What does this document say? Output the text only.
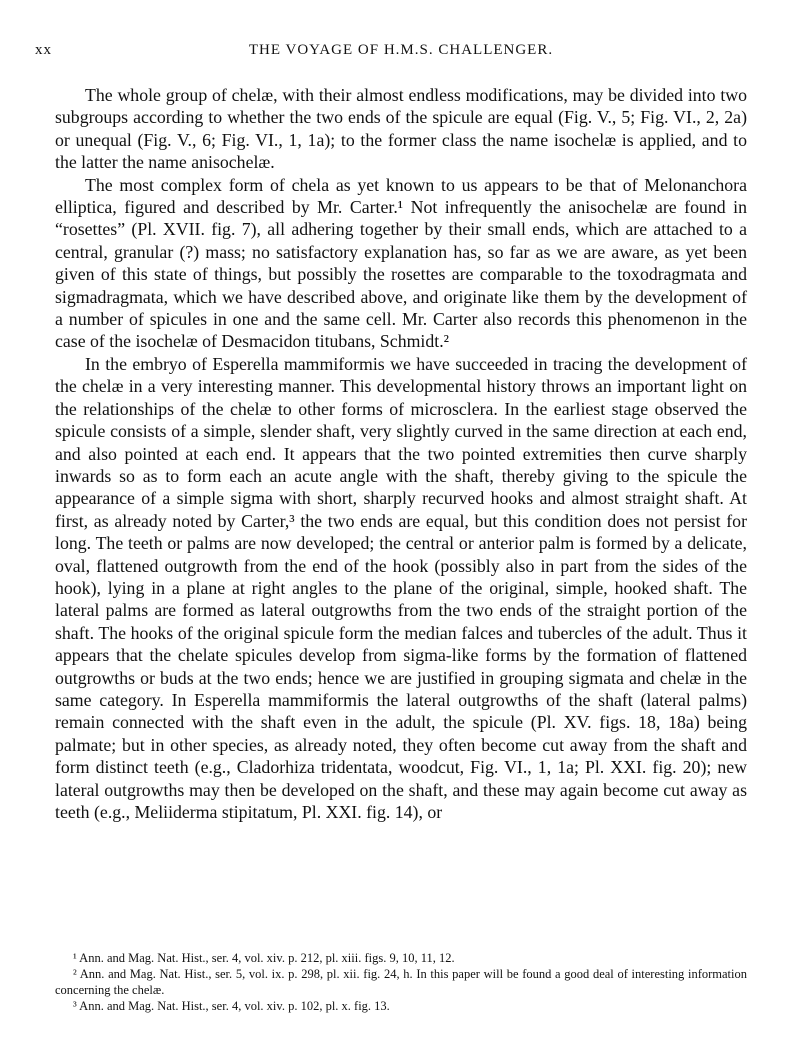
xx	THE VOYAGE OF H.M.S. CHALLENGER.

The whole group of chelæ, with their almost endless modifications, may be divided into two subgroups according to whether the two ends of the spicule are equal (Fig. V., 5; Fig. VI., 2, 2a) or unequal (Fig. V., 6; Fig. VI., 1, 1a); to the former class the name isochelæ is applied, and to the latter the name anisochelæ.

The most complex form of chela as yet known to us appears to be that of Melonanchora elliptica, figured and described by Mr. Carter.¹ Not infrequently the anisochelæ are found in “rosettes” (Pl. XVII. fig. 7), all adhering together by their small ends, which are attached to a central, granular (?) mass; no satisfactory explanation has, so far as we are aware, as yet been given of this state of things, but possibly the rosettes are comparable to the toxodragmata and sigmadragmata, which we have described above, and originate like them by the development of a number of spicules in one and the same cell. Mr. Carter also records this phenomenon in the case of the isochelæ of Desmacidon titubans, Schmidt.²

In the embryo of Esperella mammiformis we have succeeded in tracing the development of the chelæ in a very interesting manner. This developmental history throws an important light on the relationships of the chelæ to other forms of microsclera. In the earliest stage observed the spicule consists of a simple, slender shaft, very slightly curved in the same direction at each end, and also pointed at each end. It appears that the two pointed extremities then curve sharply inwards so as to form each an acute angle with the shaft, thereby giving to the spicule the appearance of a simple sigma with short, sharply recurved hooks and almost straight shaft. At first, as already noted by Carter,³ the two ends are equal, but this condition does not persist for long. The teeth or palms are now developed; the central or anterior palm is formed by a delicate, oval, flattened outgrowth from the end of the hook (possibly also in part from the sides of the hook), lying in a plane at right angles to the plane of the original, simple, hooked shaft. The lateral palms are formed as lateral outgrowths from the two ends of the straight portion of the shaft. The hooks of the original spicule form the median falces and tubercles of the adult. Thus it appears that the chelate spicules develop from sigma-like forms by the formation of flattened outgrowths or buds at the two ends; hence we are justified in grouping sigmata and chelæ in the same category. In Esperella mammiformis the lateral outgrowths of the shaft (lateral palms) remain connected with the shaft even in the adult, the spicule (Pl. XV. figs. 18, 18a) being palmate; but in other species, as already noted, they often become cut away from the shaft and form distinct teeth (e.g., Cladorhiza tridentata, woodcut, Fig. VI., 1, 1a; Pl. XXI. fig. 20); new lateral outgrowths may then be developed on the shaft, and these may again become cut away as teeth (e.g., Meliiderma stipitatum, Pl. XXI. fig. 14), or

¹ Ann. and Mag. Nat. Hist., ser. 4, vol. xiv. p. 212, pl. xiii. figs. 9, 10, 11, 12.

² Ann. and Mag. Nat. Hist., ser. 5, vol. ix. p. 298, pl. xii. fig. 24, h. In this paper will be found a good deal of interesting information concerning the chelæ.

³ Ann. and Mag. Nat. Hist., ser. 4, vol. xiv. p. 102, pl. x. fig. 13.
